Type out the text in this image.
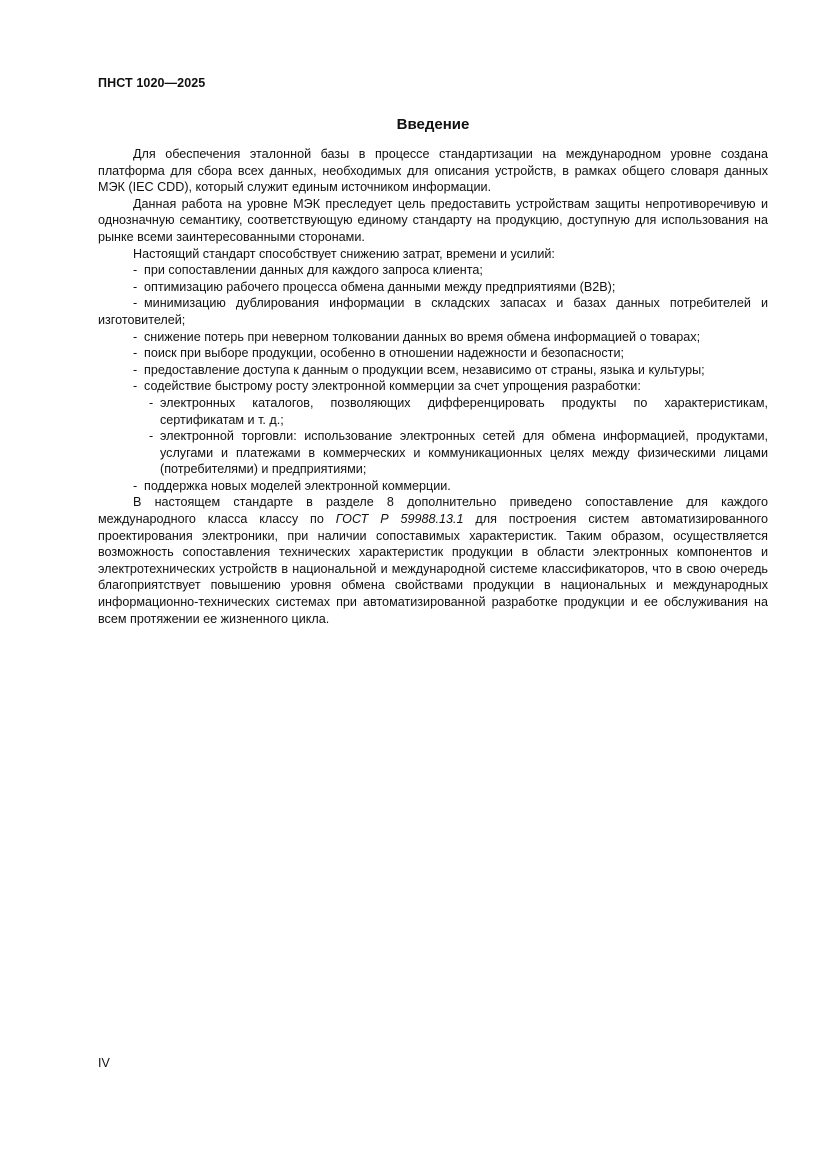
ПНСТ 1020—2025
Введение

Для обеспечения эталонной базы в процессе стандартизации на международном уровне создана платформа для сбора всех данных, необходимых для описания устройств, в рамках общего словаря данных МЭК (IEC CDD), который служит единым источником информации.

Данная работа на уровне МЭК преследует цель предоставить устройствам защиты непротиворечивую и однозначную семантику, соответствующую единому стандарту на продукцию, доступную для использования на рынке всеми заинтересованными сторонами.

Настоящий стандарт способствует снижению затрат, времени и усилий:

- при сопоставлении данных для каждого запроса клиента;

- оптимизацию рабочего процесса обмена данными между предприятиями (B2B);

- минимизацию дублирования информации в складских запасах и базах данных потребителей и изготовителей;

- снижение потерь при неверном толковании данных во время обмена информацией о товарах;

- поиск при выборе продукции, особенно в отношении надежности и безопасности;

- предоставление доступа к данным о продукции всем, независимо от страны, языка и культуры;

- содействие быстрому росту электронной коммерции за счет упрощения разработки:

- электронных каталогов, позволяющих дифференцировать продукты по характеристикам, сертификатам и т. д.;

- электронной торговли: использование электронных сетей для обмена информацией, продуктами, услугами и платежами в коммерческих и коммуникационных целях между физическими лицами (потребителями) и предприятиями;

- поддержка новых моделей электронной коммерции.

В настоящем стандарте в разделе 8 дополнительно приведено сопоставление для каждого международного класса классу по ГОСТ Р 59988.13.1 для построения систем автоматизированного проектирования электроники, при наличии сопоставимых характеристик. Таким образом, осуществляется возможность сопоставления технических характеристик продукции в области электронных компонентов и электротехнических устройств в национальной и международной системе классификаторов, что в свою очередь благоприятствует повышению уровня обмена свойствами продукции в национальных и международных информационно-технических системах при автоматизированной разработке продукции и ее обслуживания на всем протяжении ее жизненного цикла.

IV
